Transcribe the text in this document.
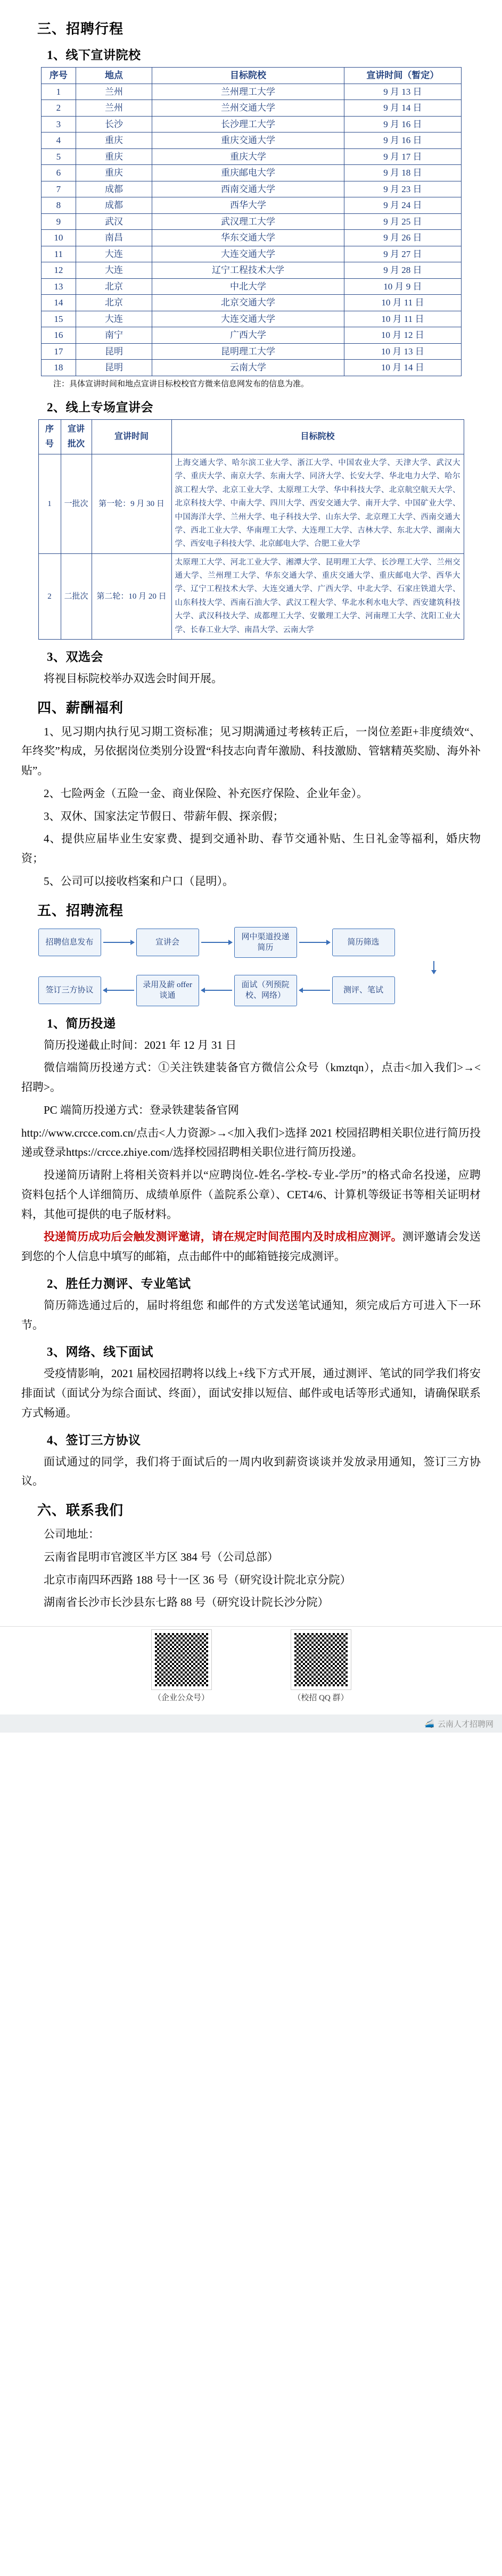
三、招聘行程
1、线下宣讲院校
序号	地点	目标院校	宣讲时间（暂定）
1	兰州	兰州理工大学	9 月 13 日
2	兰州	兰州交通大学	9 月 14 日
3	长沙	长沙理工大学	9 月 16 日
4	重庆	重庆交通大学	9 月 16 日
5	重庆	重庆大学	9 月 17 日
6	重庆	重庆邮电大学	9 月 18 日
7	成都	西南交通大学	9 月 23 日
8	成都	西华大学	9 月 24 日
9	武汉	武汉理工大学	9 月 25 日
10	南昌	华东交通大学	9 月 26 日
11	大连	大连交通大学	9 月 27 日
12	大连	辽宁工程技术大学	9 月 28 日
13	北京	中北大学	10 月 9 日
14	北京	北京交通大学	10 月 11 日
15	大连	大连交通大学	10 月 11 日
16	南宁	广西大学	10 月 12 日
17	昆明	昆明理工大学	10 月 13 日
18	昆明	云南大学	10 月 14 日
注：具体宣讲时间和地点宣讲目标校校官方微来信息网发布的信息为准。
2、线上专场宣讲会
序号	宣讲批次	宣讲时间	目标院校
1	一批次	第一轮：9 月 30 日	上海交通大学、哈尔滨工业大学、浙江大学、中国农业大学、天津大学、武汉大学、重庆大学、南京大学、东南大学、同济大学、长安大学、华北电力大学、哈尔滨工程大学、北京工业大学、太原理工大学、华中科技大学、北京航空航天大学、北京科技大学、中南大学、四川大学、西安交通大学、南开大学、中国矿业大学、中国海洋大学、兰州大学、电子科技大学、山东大学、北京理工大学、西南交通大学、西北工业大学、华南理工大学、大连理工大学、吉林大学、东北大学、湖南大学、西安电子科技大学、北京邮电大学、合肥工业大学
2	二批次	第二轮：10 月 20 日	太原理工大学、河北工业大学、湘潭大学、昆明理工大学、长沙理工大学、兰州交通大学、兰州理工大学、华东交通大学、重庆交通大学、重庆邮电大学、西华大学、辽宁工程技术大学、大连交通大学、广西大学、中北大学、石家庄铁道大学、山东科技大学、西南石油大学、武汉工程大学、华北水利水电大学、西安建筑科技大学、武汉科技大学、成都理工大学、安徽理工大学、河南理工大学、沈阳工业大学、长春工业大学、南昌大学、云南大学
3、双选会

将视目标院校举办双选会时间开展。

四、薪酬福利

1、见习期内执行见习期工资标准；见习期满通过考核转正后，一岗位差距+非度绩效“、年终奖”构成，另依据岗位类别分设置“科技志向青年激励、科技激励、管辖精英奖励、海外补贴”。

2、七险两金（五险一金、商业保险、补充医疗保险、企业年金）。

3、双休、国家法定节假日、带薪年假、探亲假；

4、提供应届毕业生安家费、提到交通补助、春节交通补贴、生日礼金等福利，婚庆物资；

5、公司可以接收档案和户口（昆明）。

五、招聘流程
招聘信息发布	宣讲会
网中渠道投递简历
简历筛选
签订三方协议
录用及薪 offer 谈通
面试（列预院校、网络）
测评、笔试
1、简历投递

简历投递截止时间：2021 年 12 月 31 日

微信端简历投递方式：①关注铁建装备官方微信公众号（kmztqn），点击<加入我们>→<招聘>。

PC 端简历投递方式：登录铁建装备官网

http://www.crcce.com.cn/点击<人力资源>→<加入我们>选择 2021 校园招聘相关职位进行简历投递或登录https://crcce.zhiye.com/选择校园招聘相关职位进行简历投递。

投递简历请附上将相关资料并以“应聘岗位-姓名-学校-专业-学历”的格式命名投递，应聘资料包括个人详细简历、成绩单原件（盖院系公章）、CET4/6、计算机等级证书等相关证明材料，其他可提供的电子版材料。

投递简历成功后会触发测评邀请，请在规定时间范围内及时成相应测评。测评邀请会发送到您的个人信息中填写的邮箱，点击邮件中的邮箱链接完成测评。

2、胜任力测评、专业笔试

简历筛选通过后的，届时将组您 和邮件的方式发送笔试通知，须完成后方可进入下一环节。

3、网络、线下面试

受疫情影响，2021 届校园招聘将以线上+线下方式开展，通过测评、笔试的同学我们将安排面试（面试分为综合面试、终面），面试安排以短信、邮件或电话等形式通知，请确保联系方式畅通。

4、签订三方协议

面试通过的同学，我们将于面试后的一周内收到薪资谈谈并发放录用通知，签订三方协议。

六、联系我们

公司地址：

云南省昆明市官渡区半方区 384 号（公司总部）

北京市南四环西路 188 号十一区 36 号（研究设计院北京分院）

湖南省长沙市长沙县东七路 88 号（研究设计院长沙分院）

（企业公众号）	（校招 QQ 群）
🚄 云南人才招聘网
